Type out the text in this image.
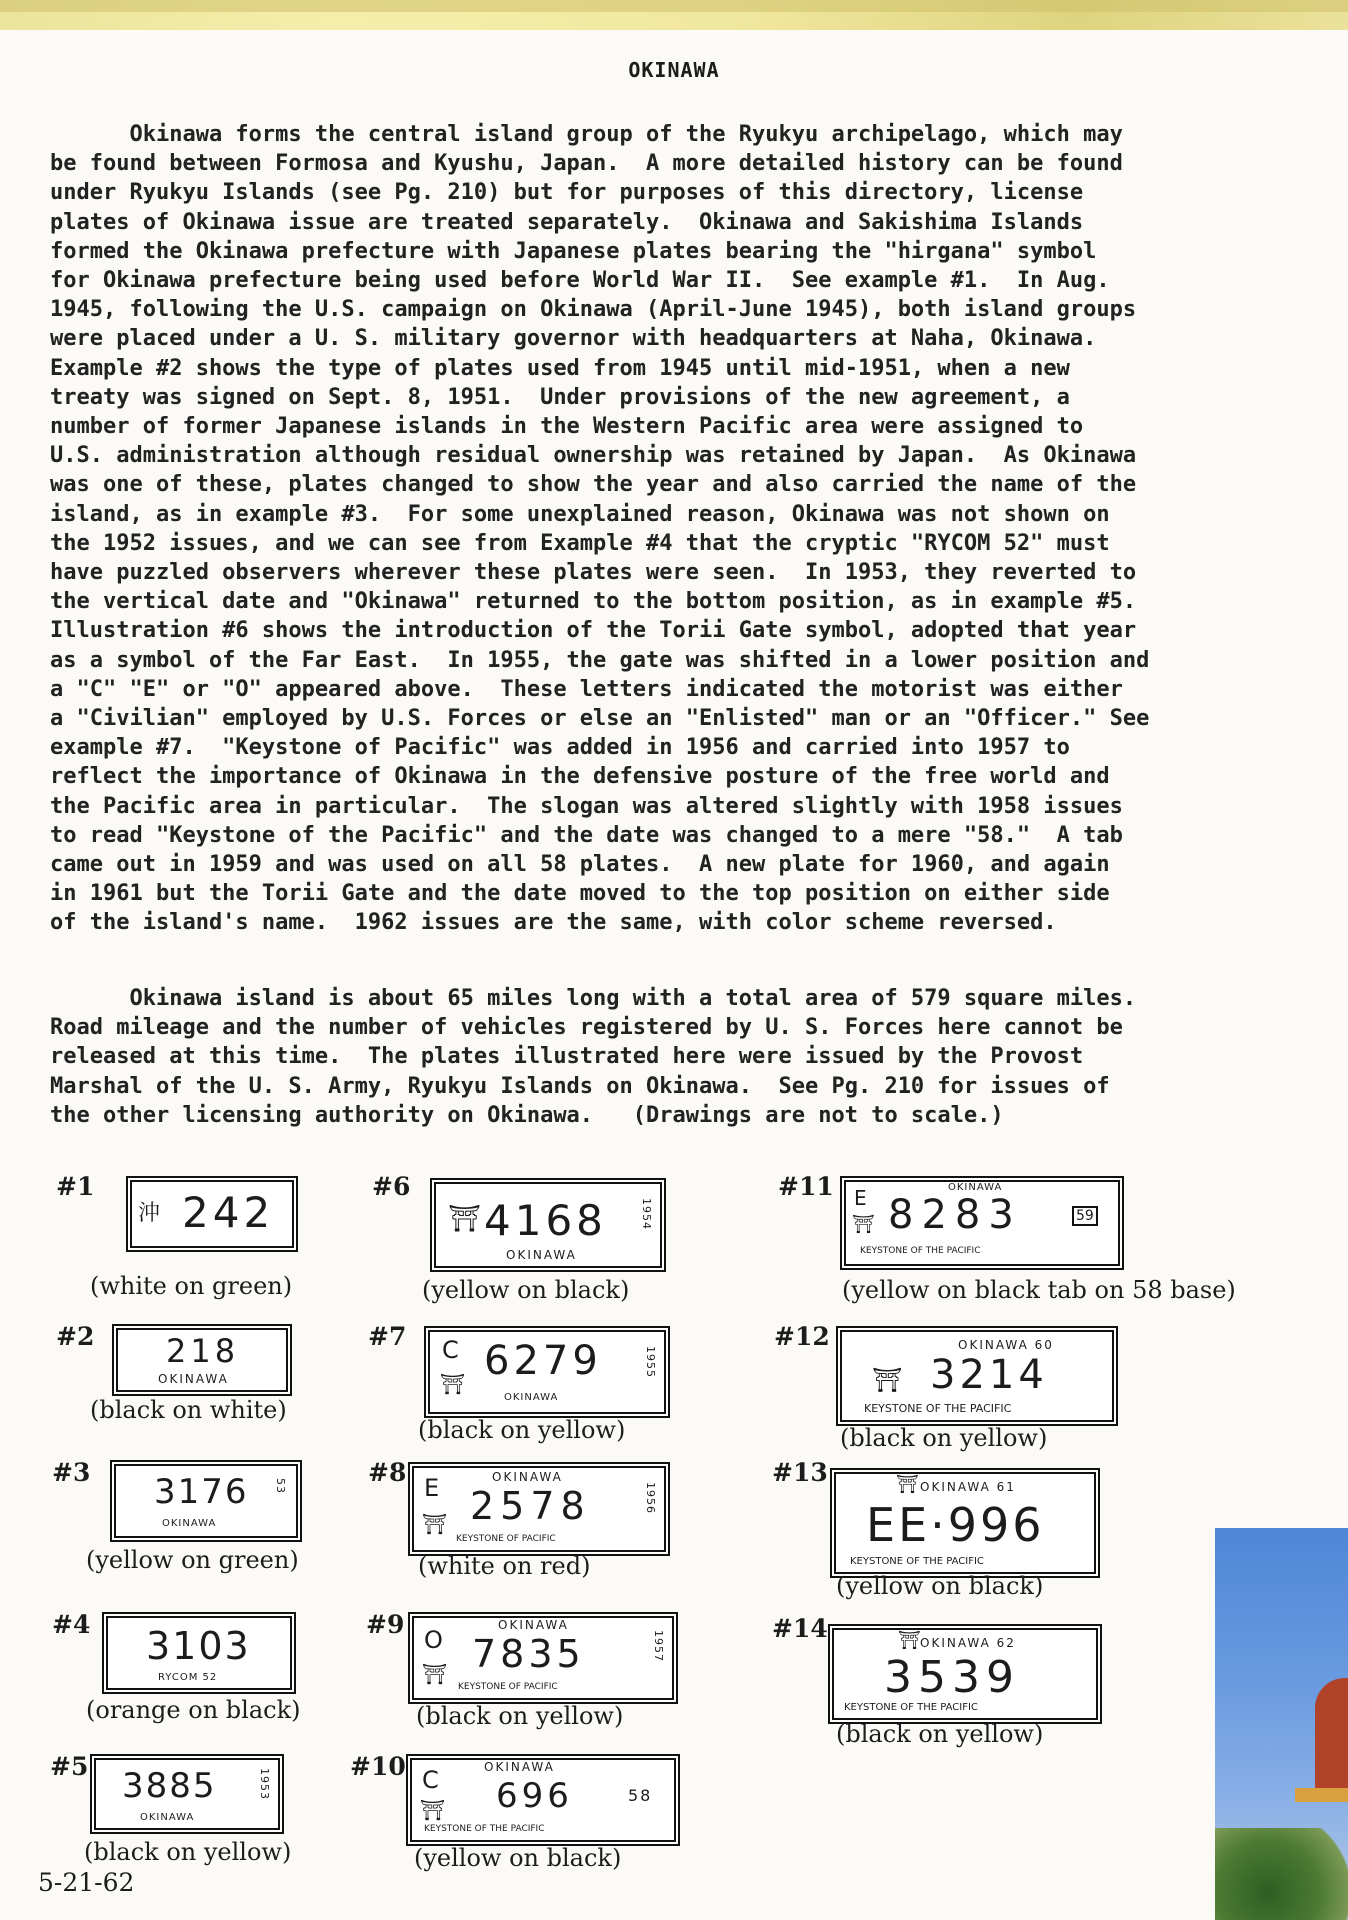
OKINAWA
Okinawa forms the central island group of the Ryukyu archipelago, which may
be found between Formosa and Kyushu, Japan.  A more detailed history can be found
under Ryukyu Islands (see Pg. 210) but for purposes of this directory, license
plates of Okinawa issue are treated separately.  Okinawa and Sakishima Islands
formed the Okinawa prefecture with Japanese plates bearing the "hirgana" symbol
for Okinawa prefecture being used before World War II.  See example #1.  In Aug.
1945, following the U.S. campaign on Okinawa (April-June 1945), both island groups
were placed under a U. S. military governor with headquarters at Naha, Okinawa.
Example #2 shows the type of plates used from 1945 until mid-1951, when a new
treaty was signed on Sept. 8, 1951.  Under provisions of the new agreement, a
number of former Japanese islands in the Western Pacific area were assigned to
U.S. administration although residual ownership was retained by Japan.  As Okinawa
was one of these, plates changed to show the year and also carried the name of the
island, as in example #3.  For some unexplained reason, Okinawa was not shown on
the 1952 issues, and we can see from Example #4 that the cryptic "RYCOM 52" must
have puzzled observers wherever these plates were seen.  In 1953, they reverted to
the vertical date and "Okinawa" returned to the bottom position, as in example #5.
Illustration #6 shows the introduction of the Torii Gate symbol, adopted that year
as a symbol of the Far East.  In 1955, the gate was shifted in a lower position and
a "C" "E" or "O" appeared above.  These letters indicated the motorist was either
a "Civilian" employed by U.S. Forces or else an "Enlisted" man or an "Officer." See
example #7.  "Keystone of Pacific" was added in 1956 and carried into 1957 to
reflect the importance of Okinawa in the defensive posture of the free world and
the Pacific area in particular.  The slogan was altered slightly with 1958 issues
to read "Keystone of the Pacific" and the date was changed to a mere "58."  A tab
came out in 1959 and was used on all 58 plates.  A new plate for 1960, and again
in 1961 but the Torii Gate and the date moved to the top position on either side
of the island's name.  1962 issues are the same, with color scheme reversed.
Okinawa island is about 65 miles long with a total area of 579 square miles.
Road mileage and the number of vehicles registered by U. S. Forces here cannot be
released at this time.  The plates illustrated here were issued by the Provost
Marshal of the U. S. Army, Ryukyu Islands on Okinawa.  See Pg. 210 for issues of
the other licensing authority on Okinawa.   (Drawings are not to scale.)
#1
沖 242
(white on green)
#2 218
OKINAWA
(black on white)
#3 3176 53
OKINAWA
(yellow on green)
#4 3103
RYCOM 52
(orange on black)
#5 3885	1953
OKINAWA
(black on yellow)
#6
⛩ 4168	1954
OKINAWA
(yellow on black)
#7 C
⛩ 6279
OKINAWA
1955
(black on yellow)
#8	OKINAWA
E
⛩ 2578
KEYSTONE OF PACIFIC
1956
(white on red)
#9	OKINAWA
O
⛩ 7835
KEYSTONE OF PACIFIC
1957
(black on yellow)
#10	OKINAWA
C
⛩ 696	58
KEYSTONE OF THE PACIFIC
(yellow on black)
#11	OKINAWA
E
⛩ 8283	59
KEYSTONE OF THE PACIFIC
(yellow on black tab on 58 base)
#12	OKINAWA 60
⛩ 3214
KEYSTONE OF THE PACIFIC
(black on yellow)
#13	⛩ OKINAWA 61
EE·996
KEYSTONE OF THE PACIFIC
(yellow on black)
#14	⛩ OKINAWA 62
3539
KEYSTONE OF THE PACIFIC
(black on yellow)
5-21-62
